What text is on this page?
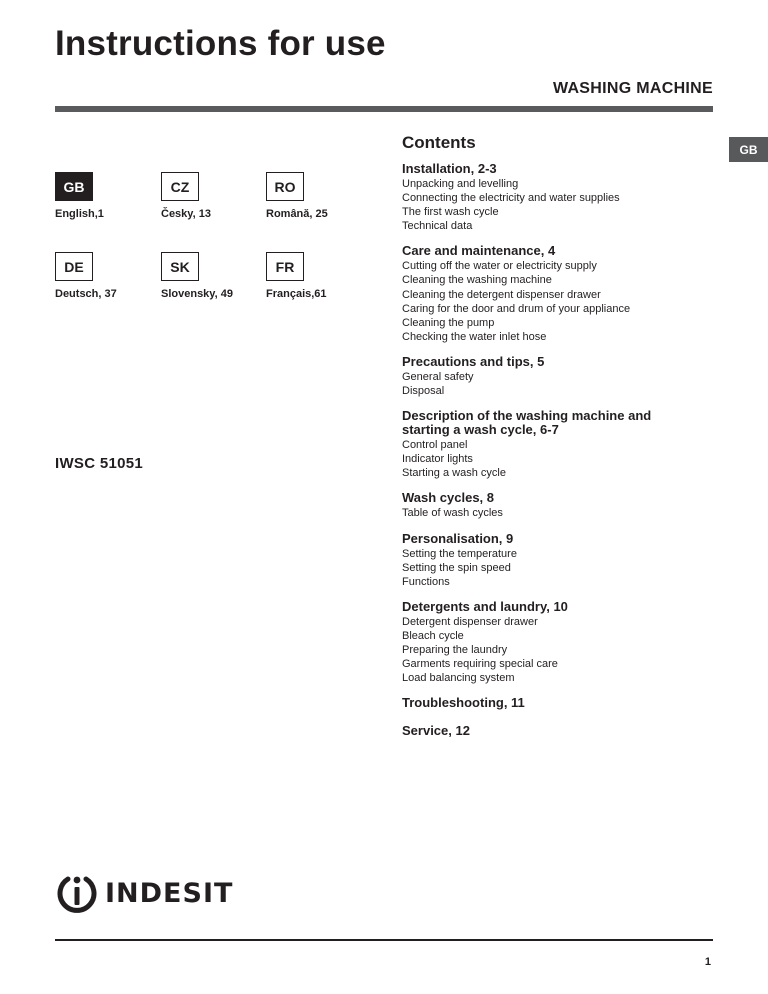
Instructions for use
WASHING MACHINE
GB
GB
English,1
CZ
Česky, 13
RO
Română, 25
DE
Deutsch, 37
SK
Slovensky, 49
FR
Français,61
IWSC 51051
Contents
Installation, 2-3
Unpacking and levelling
Connecting the electricity and water supplies
The first wash cycle
Technical data
Care and maintenance, 4
Cutting off the water or electricity supply
Cleaning the washing machine
Cleaning the detergent dispenser drawer
Caring for the door and drum of your appliance
Cleaning the pump
Checking the water inlet hose
Precautions and tips, 5
General safety
Disposal
Description of the washing machine and starting a wash cycle, 6-7
Control panel
Indicator lights
Starting a wash cycle
Wash cycles, 8
Table of wash cycles
Personalisation, 9
Setting the temperature
Setting the spin speed
Functions
Detergents and laundry, 10
Detergent dispenser drawer
Bleach cycle
Preparing the laundry
Garments requiring special care
Load balancing system
Troubleshooting, 11
Service, 12
INDESIT
1
